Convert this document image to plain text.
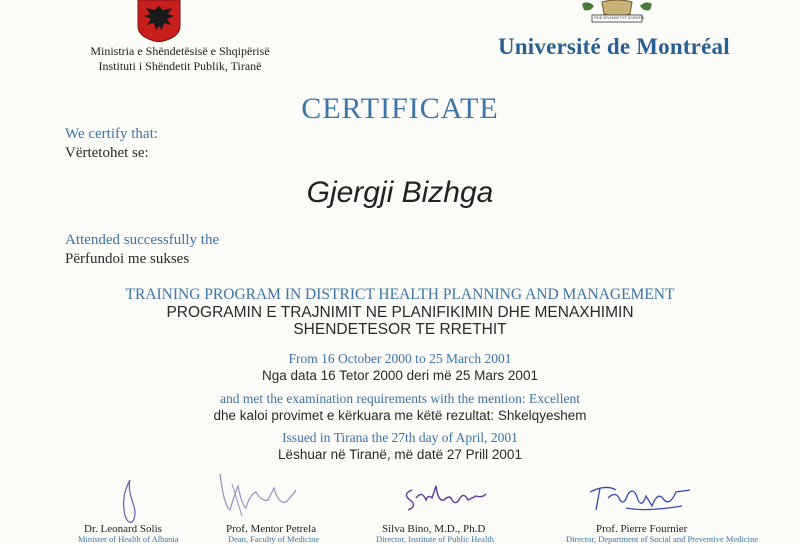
Ministria e Shëndetësisë e Shqipërisë
Instituti i Shëndetit Publik, Tiranë
FIDE SPLENDET ET SCIENTIA
Université de Montréal
CERTIFICATE
We certify that:
Vërtetohet se:
Gjergji Bizhga
Attended successfully the
Përfundoi me sukses
TRAINING PROGRAM IN DISTRICT HEALTH PLANNING AND MANAGEMENT
PROGRAMIN E TRAJNIMIT NE PLANIFIKIMIN DHE MENAXHIMIN
SHENDETESOR TE RRETHIT
From 16 October 2000 to 25 March 2001
Nga data 16 Tetor 2000 deri më 25 Mars 2001
and met the examination requirements with the mention: Excellent
dhe kaloi provimet e kërkuara me këtë rezultat: Shkelqyeshem
Issued in Tirana the 27th day of April, 2001
Lëshuar në Tiranë, më datë 27 Prill 2001
Dr. Leonard Solis
Minister of Health of Albania
Prof. Mentor Petrela
Dean, Faculty of Medicine
Silva Bino, M.D., Ph.D
Director, Institute of Public Health
Prof. Pierre Fournier
Director, Department of Social and Preventive Medicine
